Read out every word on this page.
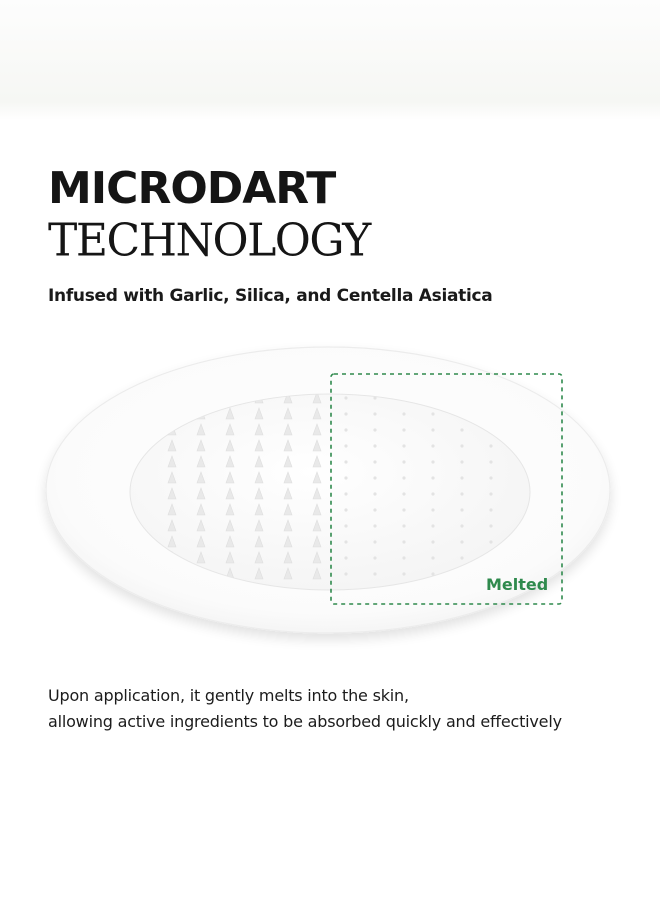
MICRODART
TECHNOLOGY
Infused with Garlic, Silica, and Centella Asiatica
Melted
Upon application, it gently melts into the skin,
allowing active ingredients to be absorbed quickly and effectively
